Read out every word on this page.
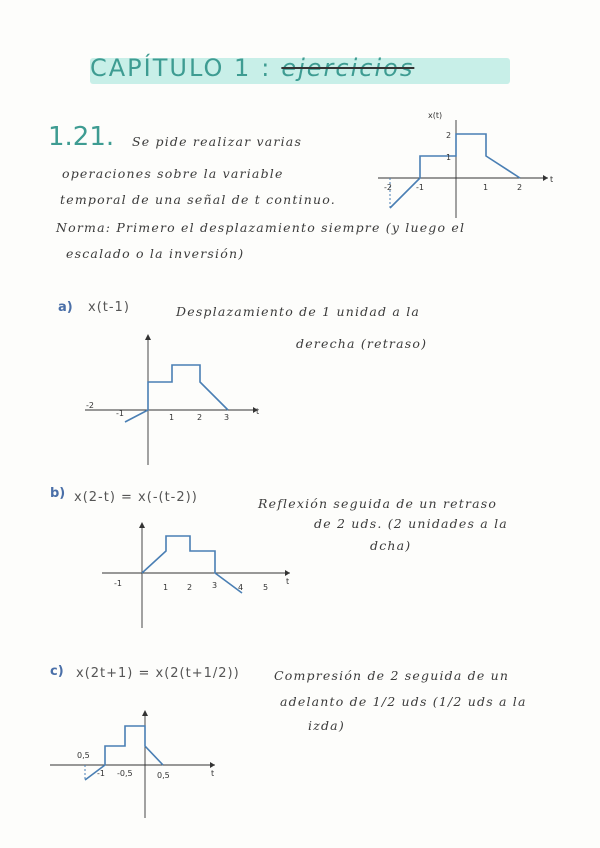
CAPÍTULO 1 : ejercicios
1.21. Se pide realizar varias
operaciones sobre la variable
temporal de una señal de t continuo.
Norma: Primero el desplazamiento siempre (y luego el
escalado o la inversión)
x(t)
2
1
-2	-1	1	2
t
a) x(t-1)	Desplazamiento de 1 unidad a la
derecha (retraso)
-2
-1	1	2	3
t
b) x(2-t) = x(-(t-2))	Reflexión seguida de un retraso
de 2 uds. (2 unidades a la
dcha)
-1	1 2 3	4 5
t
c) x(2t+1) = x(2(t+1/2))	Compresión de 2 seguida de un
adelanto de 1/2 uds (1/2 uds a la
izda)
0,5
-1 -0,5	0,5	t
